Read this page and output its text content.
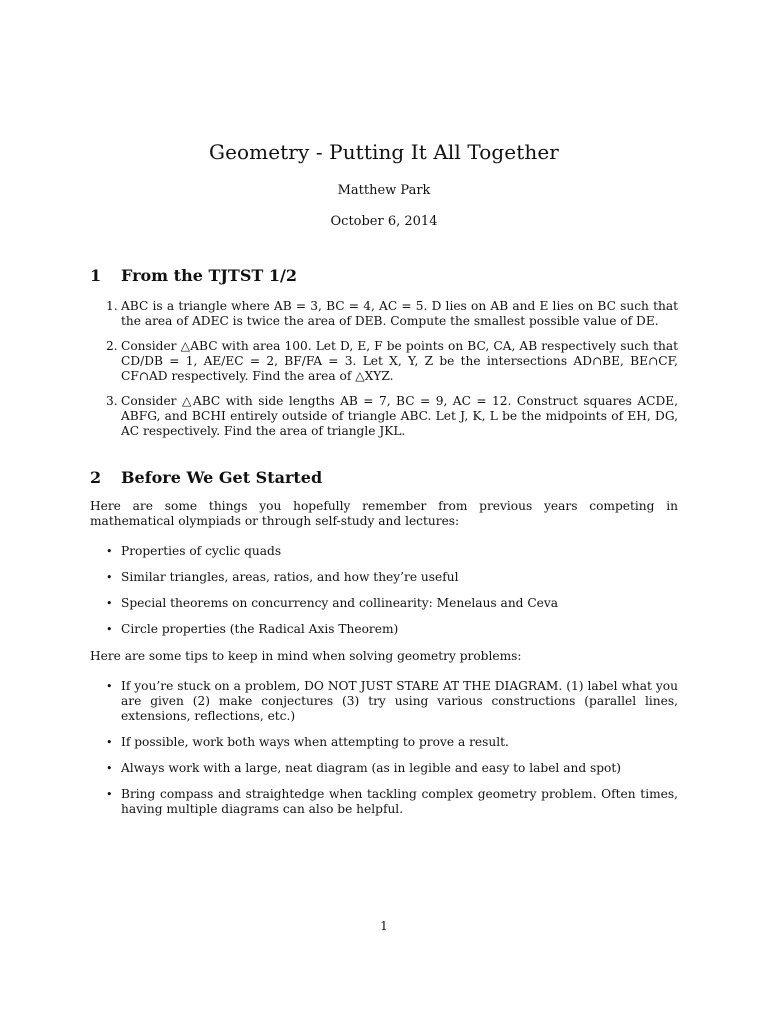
Geometry - Putting It All Together
Matthew Park
October 6, 2014
1 From the TJTST 1/2
1. ABC is a triangle where AB = 3, BC = 4, AC = 5. D lies on AB and E lies on BC such that the area of ADEC is twice the area of DEB. Compute the smallest possible value of DE.
2. Consider △ABC with area 100. Let D, E, F be points on BC, CA, AB respectively such that CD/DB = 1, AE/EC = 2, BF/FA = 3. Let X, Y, Z be the intersections AD∩BE, BE∩CF, CF∩AD respectively. Find the area of △XYZ.
3. Consider △ABC with side lengths AB = 7, BC = 9, AC = 12. Construct squares ACDE, ABFG, and BCHI entirely outside of triangle ABC. Let J, K, L be the midpoints of EH, DG, AC respectively. Find the area of triangle JKL.
2 Before We Get Started

Here are some things you hopefully remember from previous years competing in mathematical olympiads or through self-study and lectures:

• Properties of cyclic quads
• Similar triangles, areas, ratios, and how they’re useful
• Special theorems on concurrency and collinearity: Menelaus and Ceva
• Circle properties (the Radical Axis Theorem)

Here are some tips to keep in mind when solving geometry problems:

• If you’re stuck on a problem, DO NOT JUST STARE AT THE DIAGRAM. (1) label what you are given (2) make conjectures (3) try using various constructions (parallel lines, extensions, reflections, etc.)
• If possible, work both ways when attempting to prove a result.
• Always work with a large, neat diagram (as in legible and easy to label and spot)
• Bring compass and straightedge when tackling complex geometry problem. Often times, having multiple diagrams can also be helpful.
1
